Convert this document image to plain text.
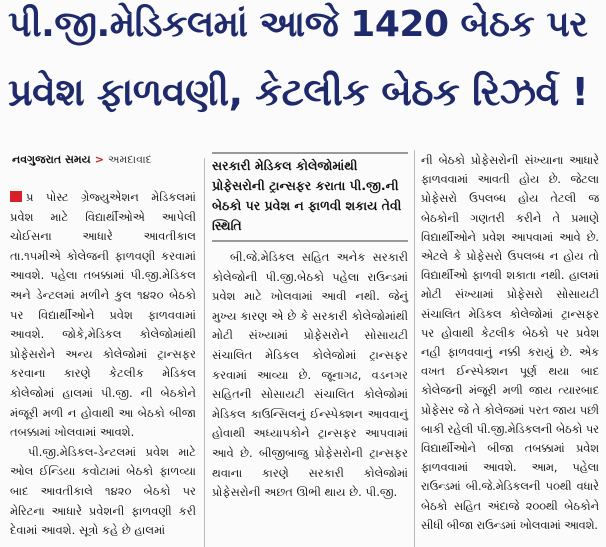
પી.જી.મેડિકલમાં આજે 1420 બેઠક પર
પ્રવેશ ફાળવણી, કેટલીક બેઠક રિઝર્વ !
નવગુજરાત સમય > અમદાવાદ

પ્ર પોસ્ટ ગ્રેજ્યુએશન મેડિકલમાં પ્રવેશ માટે વિદ્યાર્થીઓએ આપેલી ચોઈસના આધારે આવતીકાલ તા.૧૫મીએ કોલેજની ફાળવણી કરવામાં આવશે. પહેલા તબક્કામાં પી.જી.મેડિકલ અને ડેન્ટલમાં મળીને કુલ ૧૪૨૦ બેઠકો પર વિદ્યાર્થીઓને પ્રવેશ ફાળવવામાં આવશે. જોકે,મેડિકલ કોલેજોમાંથી પ્રોફેસરોને અન્ય કોલેજોમાં ટ્રાન્સફર કરવાના કારણે કેટલીક મેડિકલ કોલેજોમાં હાલમાં પી.જી. ની બેઠકોને મંજૂરી મળી ન હોવાથી આ બેઠકો બીજા તબક્કામાં ખોલવામાં આવશે.

પી.જી.મેડિકલ-ડેન્ટલમાં પ્રવેશ માટે ઓલ ઈન્ડિયા કવોટામાં બેઠકો ફાળવ્યા બાદ આવતીકાલે ૧૪૨૦ બેઠકો પર મેરિટના આધારે પ્રવેશની ફાળવણી કરી દેવામાં આવશે. સૂત્રો કહે છે હાલમાં

સરકારી મેડિકલ કોલેજોમાંથી પ્રોફેસરોની ટ્રાન્સફર કરાતા પી.જી.ની બેઠકો પર પ્રવેશ ન ફાળવી શકાય તેવી સ્થિતિ

બી.જે.મેડિકલ સહિત અનેક સરકારી કોલેજોની પી.જી.બેઠકો પહેલા રાઉન્ડમાં પ્રવેશ માટે ખોલવામાં આવી નથી. જેનું મુખ્ય કારણ એ છે કે સરકારી કોલેજોમાંથી મોટી સંખ્યામાં પ્રોફેસરોને સોસાયટી સંચાલિત મેડિકલ કોલેજોમાં ટ્રાન્સફર કરવામાં આવ્યા છે. જૂનાગઢ, વડનગર સહિતની સોસાયટી સંચાલિત કોલેજોમાં મેડિકલ કાઉન્સિલનું ઈન્સ્પેક્શન આવવાનું હોવાથી અધ્યાપકોને ટ્રાન્સફર આપવામાં આવે છે. બીજીબાજુ પ્રોફેસરોની ટ્રાન્સફર થવાના કારણે સરકારી કોલેજોમાં પ્રોફેસરોની અછત ઊભી થાય છે. પી.જી.

ની બેઠકો પ્રોફેસરોની સંખ્યાના આધારે ફાળવવામાં આવતી હોય છે. જેટલા પ્રોફેસરો ઉપલબ્ધ હોય તેટલી જ બેઠકોની ગણતરી કરીને તે પ્રમાણે વિદ્યાર્થીઓને પ્રવેશ આપવામાં આવે છે. એટલે કે પ્રોફેસરો ઉપલબ્ધ ન હોય તો વિદ્યાર્થીઓ ફાળવી શકાતા નથી. હાલમાં મોટી સંખ્યામાં પ્રોફેસરો સોસાયટી સંચાલિત મેડિકલ કોલેજોમાં ટ્રાન્સફર પર હોવાથી કેટલીક બેઠકો પર પ્રવેશ નહી ફાળવવાનું નક્કી કરાયું છે. એક વખત ઈન્સ્પેક્શન પૂર્ણ થયા બાદ કોલેજની મંજૂરી મળી જાય ત્યારબાદ પ્રોફેસર જે તે કોલેજમાં પરત જાય પછી બાકી રહેલી પી.જી.મેડિકલની બેઠકો પર વિદ્યાર્થીઓને બીજા તબક્કામાં પ્રવેશ ફાળવવામાં આવશે. આમ, પહેલા રાઉન્ડમાં બી.જે.મેડિકલની ૫૦થી વધારે બેઠકો સહિત અંદાજે ૨૦૦થી બેઠકોને સીધી બીજા રાઉન્ડમાં ખોલવામાં આવશે.
